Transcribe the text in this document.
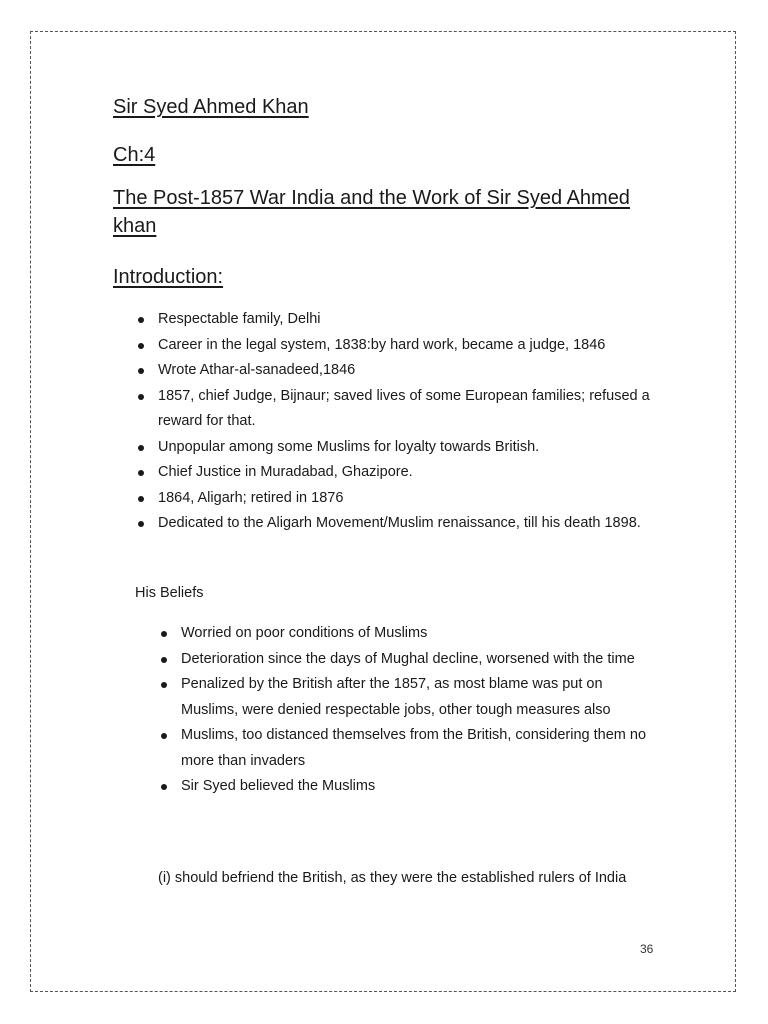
Sir Syed Ahmed Khan
Ch:4
The Post-1857 War India and the Work of Sir Syed Ahmed khan
Introduction:
Respectable family, Delhi
Career in the legal system, 1838:by hard work, became a judge, 1846
Wrote Athar-al-sanadeed,1846
1857, chief Judge, Bijnaur; saved lives of some European families; refused a reward for that.
Unpopular among some Muslims for loyalty towards British.
Chief Justice in Muradabad, Ghazipore.
1864, Aligarh; retired in 1876
Dedicated to the Aligarh Movement/Muslim renaissance, till his death 1898.

His Beliefs

Worried on poor conditions of Muslims
Deterioration since the days of Mughal decline, worsened with the time
Penalized by the British after the 1857, as most blame was put on Muslims, were denied respectable jobs, other tough measures also
Muslims, too distanced themselves from the British, considering them no more than invaders
Sir Syed believed the Muslims

(i) should befriend the British, as they were the established rulers of India

36
